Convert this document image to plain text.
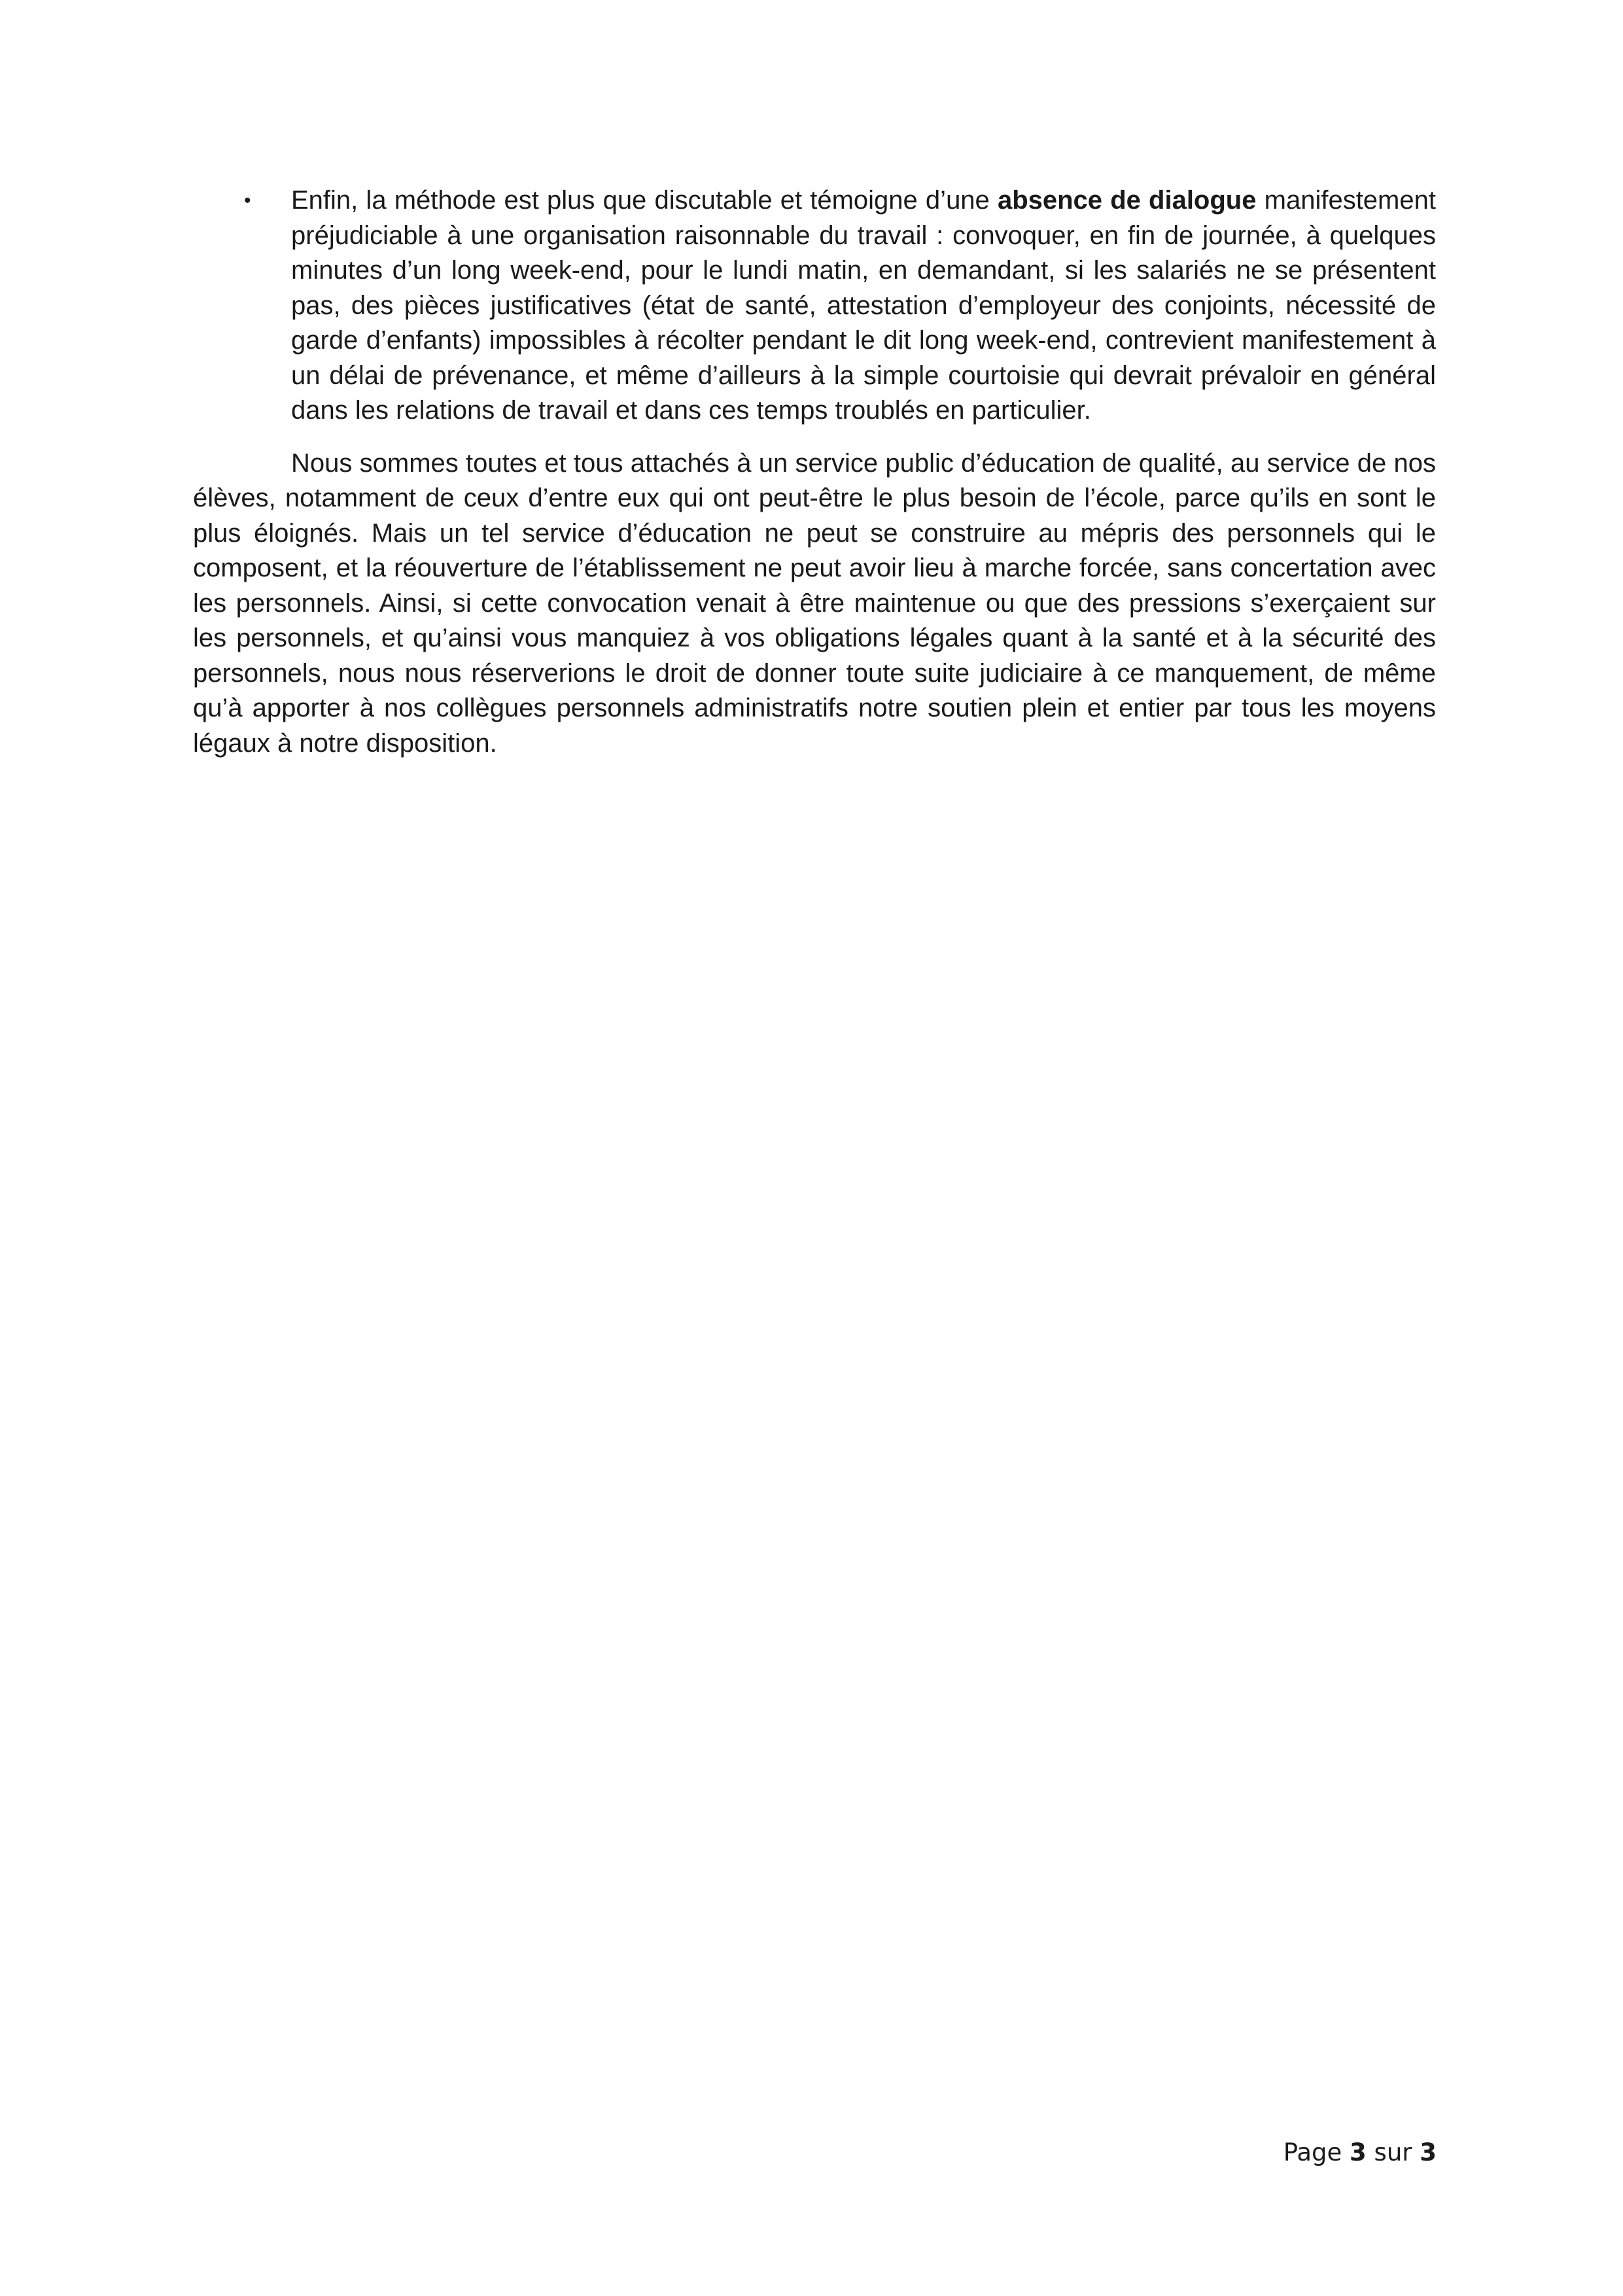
• Enfin, la méthode est plus que discutable et témoigne d’une absence de dialogue manifestement préjudiciable à une organisation raisonnable du travail : convoquer, en fin de journée, à quelques minutes d’un long week-end, pour le lundi matin, en demandant, si les salariés ne se présentent pas, des pièces justificatives (état de santé, attestation d’employeur des conjoints, nécessité de garde d’enfants) impossibles à récolter pendant le dit long week-end, contrevient manifestement à un délai de prévenance, et même d’ailleurs à la simple courtoisie qui devrait prévaloir en général dans les relations de travail et dans ces temps troublés en particulier.

Nous sommes toutes et tous attachés à un service public d’éducation de qualité, au service de nos élèves, notamment de ceux d’entre eux qui ont peut-être le plus besoin de l’école, parce qu’ils en sont le plus éloignés. Mais un tel service d’éducation ne peut se construire au mépris des personnels qui le composent, et la réouverture de l’établissement ne peut avoir lieu à marche forcée, sans concertation avec les personnels. Ainsi, si cette convocation venait à être maintenue ou que des pressions s’exerçaient sur les personnels, et qu’ainsi vous manquiez à vos obligations légales quant à la santé et à la sécurité des personnels, nous nous réserverions le droit de donner toute suite judiciaire à ce manquement, de même qu’à apporter à nos collègues personnels administratifs notre soutien plein et entier par tous les moyens légaux à notre disposition.

Page 3 sur 3
